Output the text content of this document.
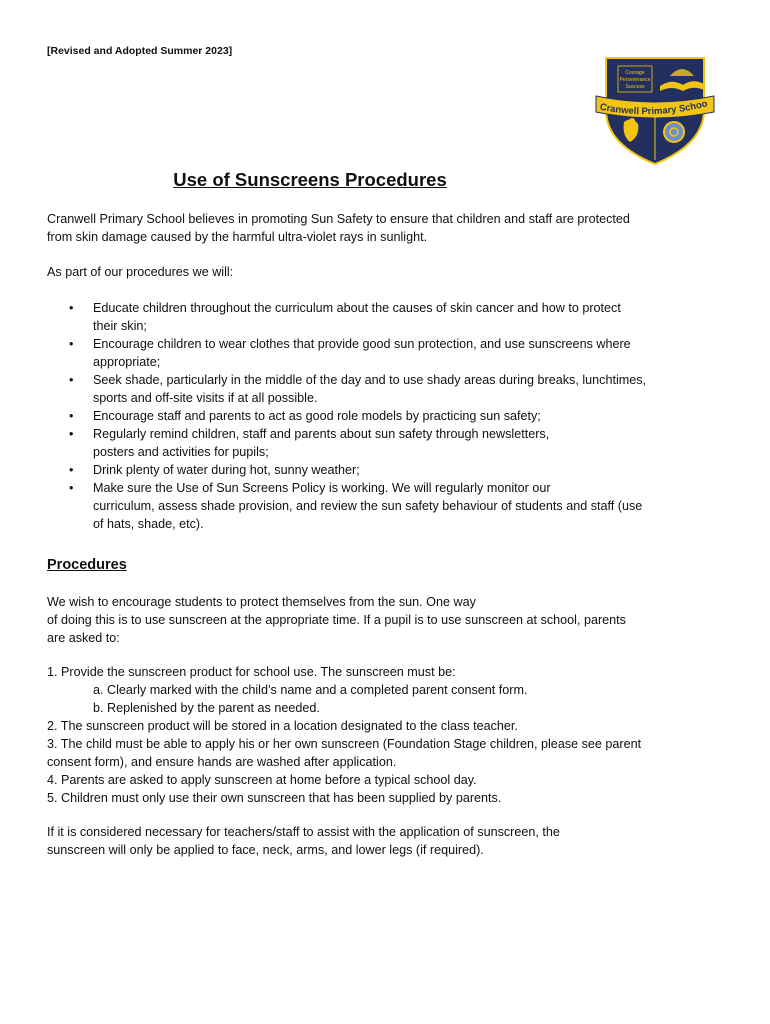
[Revised and Adopted Summer 2023]
Courage
Perseverance
Success
Cranwell Primary Schoo
Use of Sunscreens Procedures
Cranwell Primary School believes in promoting Sun Safety to ensure that children and staff are protected
from skin damage caused by the harmful ultra-violet rays in sunlight.
As part of our procedures we will:
• Educate children throughout the curriculum about the causes of skin cancer and how to protect
their skin;
• Encourage children to wear clothes that provide good sun protection, and use sunscreens where
appropriate;
• Seek shade, particularly in the middle of the day and to use shady areas during breaks, lunchtimes,
sports and off-site visits if at all possible.
• Encourage staff and parents to act as good role models by practicing sun safety;
• Regularly remind children, staff and parents about sun safety through newsletters,
posters and activities for pupils;
• Drink plenty of water during hot, sunny weather;
• Make sure the Use of Sun Screens Policy is working. We will regularly monitor our
curriculum, assess shade provision, and review the sun safety behaviour of students and staff (use
of hats, shade, etc).
Procedures
We wish to encourage students to protect themselves from the sun. One way
of doing this is to use sunscreen at the appropriate time. If a pupil is to use sunscreen at school, parents
are asked to:
1. Provide the sunscreen product for school use. The sunscreen must be:
a. Clearly marked with the child’s name and a completed parent consent form.
b. Replenished by the parent as needed.
2. The sunscreen product will be stored in a location designated to the class teacher.
3. The child must be able to apply his or her own sunscreen (Foundation Stage children, please see parent
consent form), and ensure hands are washed after application.
4. Parents are asked to apply sunscreen at home before a typical school day.
5. Children must only use their own sunscreen that has been supplied by parents.
If it is considered necessary for teachers/staff to assist with the application of sunscreen, the
sunscreen will only be applied to face, neck, arms, and lower legs (if required).
